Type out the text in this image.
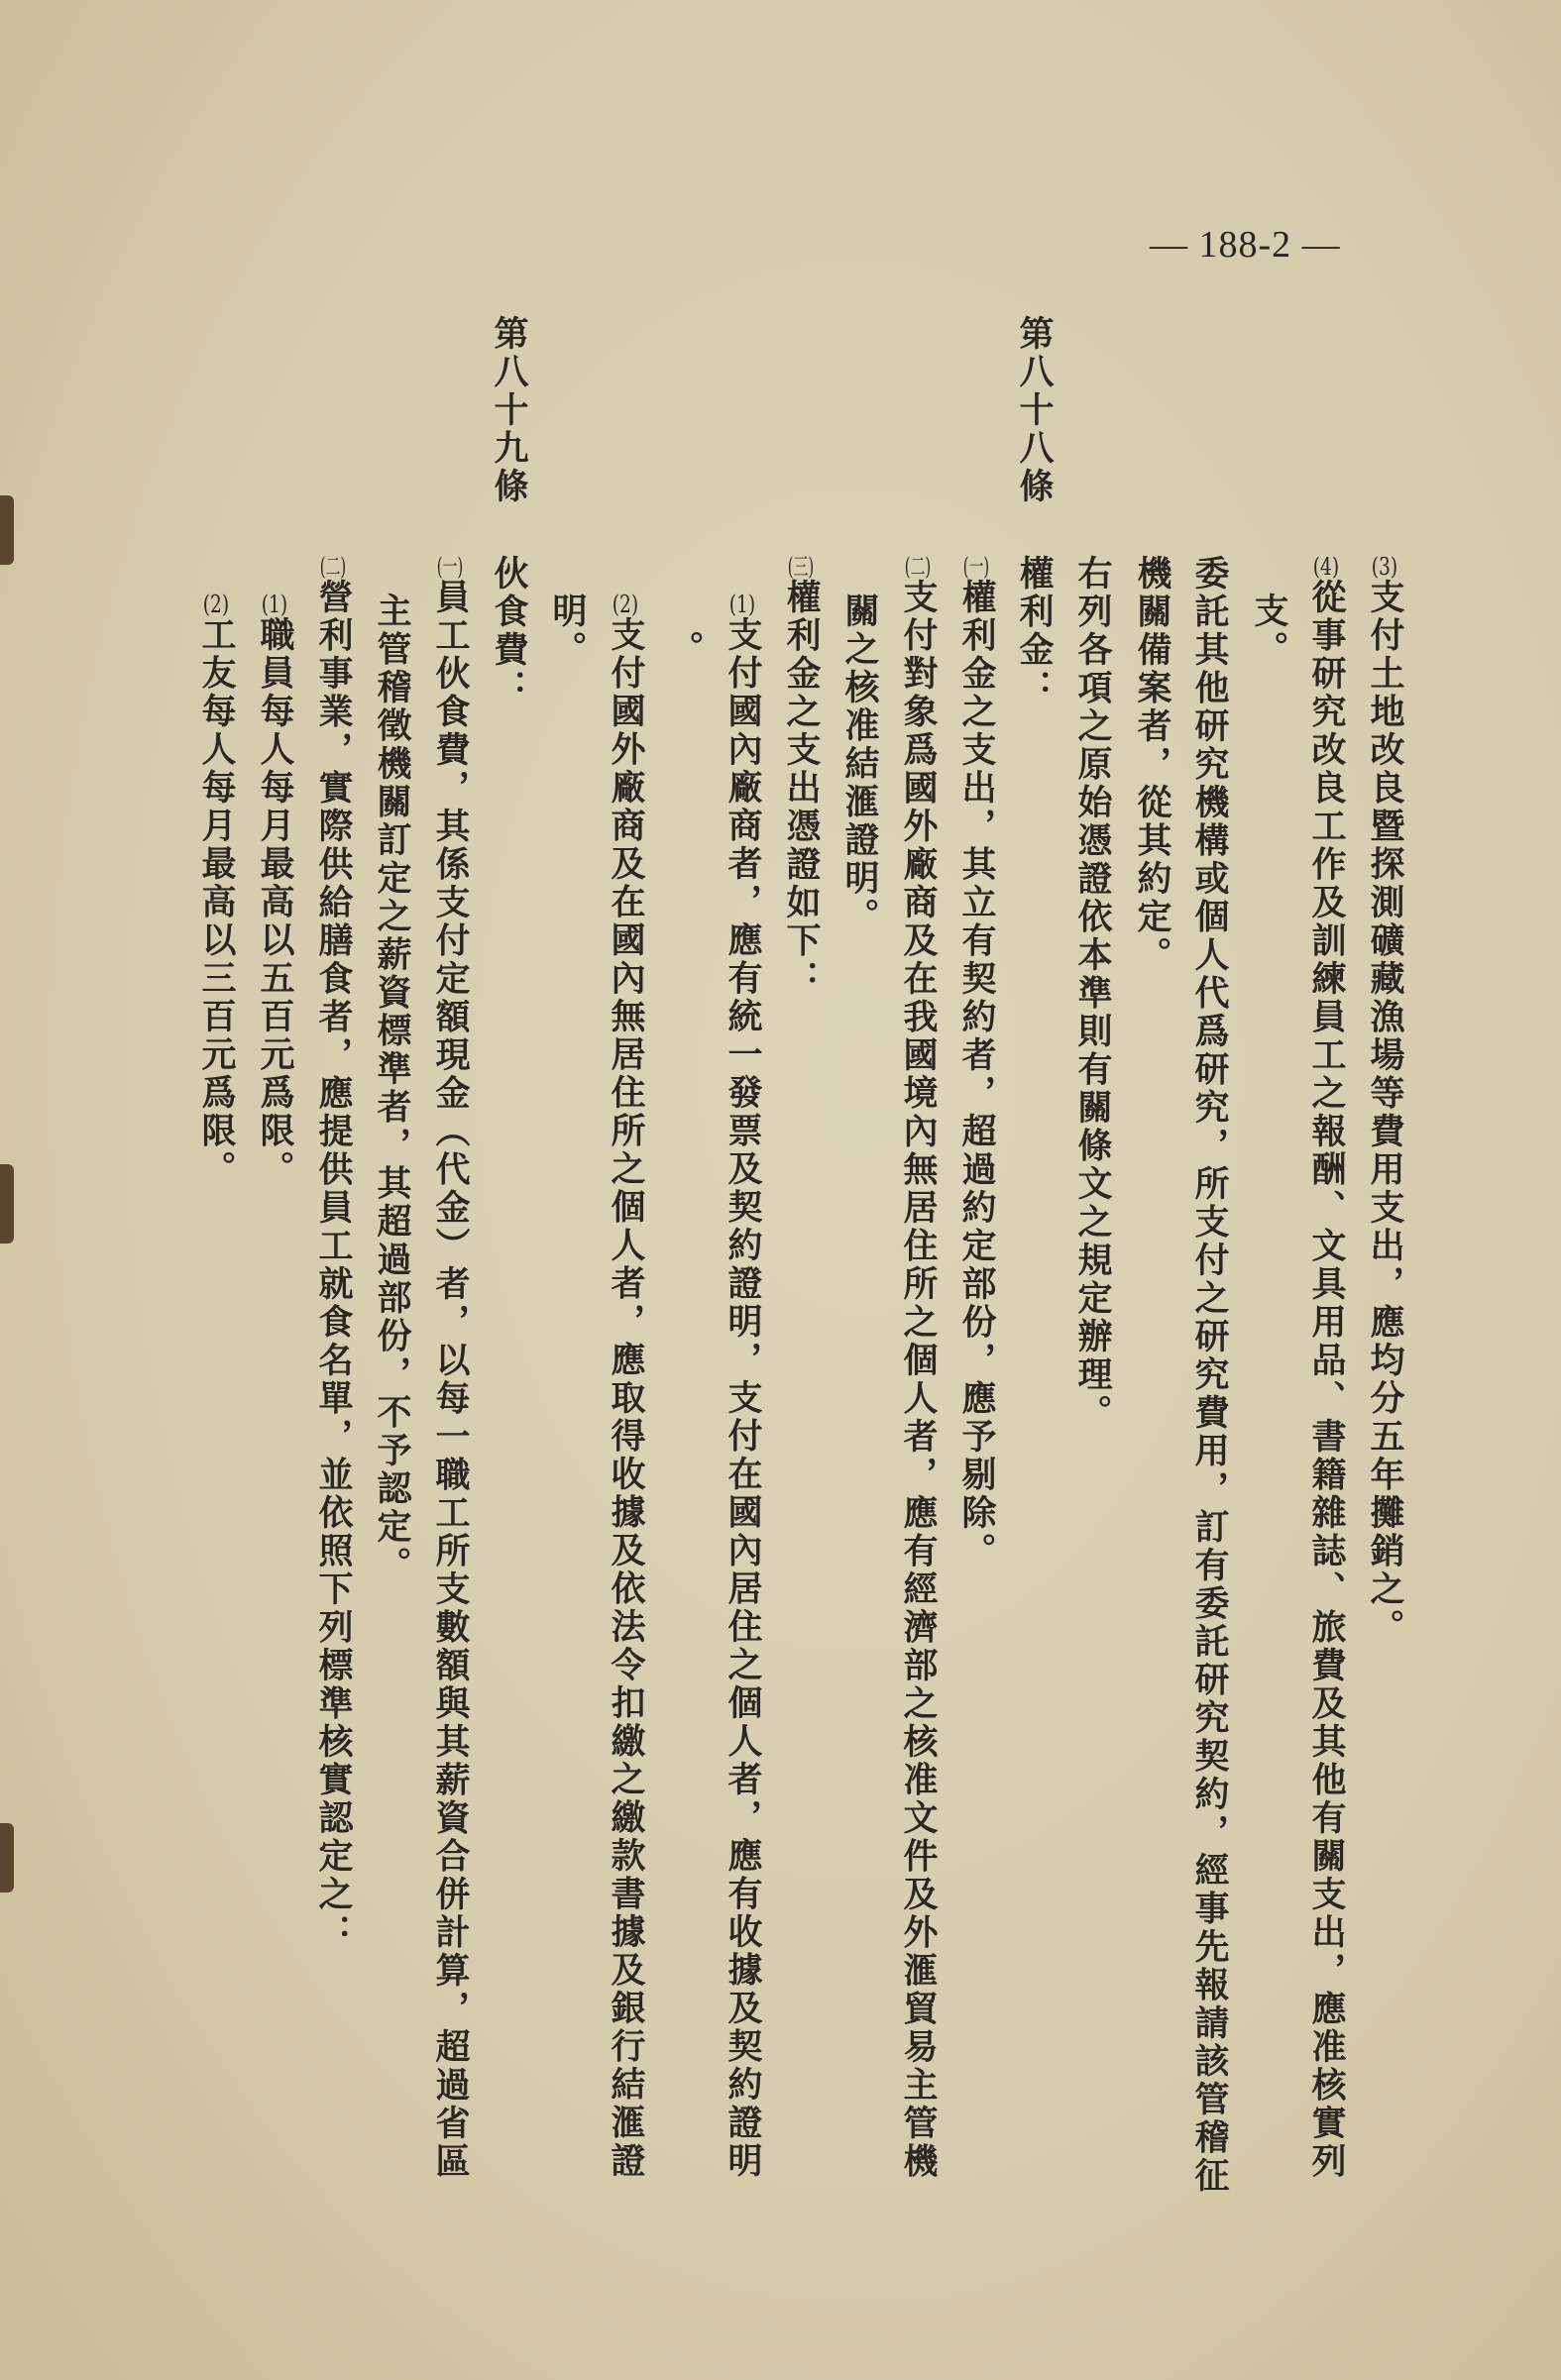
— 188-2 —
第八十八條
第八十九條
(3)支付土地改良暨探測礦藏漁場等費用支出，應均分五年攤銷之。
(4)從事研究改良工作及訓練員工之報酬、文具用品、書籍雜誌、旅費及其他有關支出，應准核實列
支。
委託其他研究機構或個人代爲研究，所支付之研究費用，訂有委託研究契約，經事先報請該管稽征
機關備案者，從其約定。
右列各項之原始憑證依本準則有關條文之規定辦理。
權利金：
(一)權利金之支出，其立有契約者，超過約定部份，應予剔除。
(二)支付對象爲國外廠商及在我國境內無居住所之個人者，應有經濟部之核准文件及外滙貿易主管機
關之核准結滙證明。
(三)權利金之支出憑證如下：
(1)支付國內廠商者，應有統一發票及契約證明，支付在國內居住之個人者，應有收據及契約證明
。
(2)支付國外廠商及在國內無居住所之個人者，應取得收據及依法令扣繳之繳款書據及銀行結滙證
明。
伙食費：
(一)員工伙食費，其係支付定額現金（代金）者，以每一職工所支數額與其薪資合併計算，超過省區
主管稽徵機關訂定之薪資標準者，其超過部份，不予認定。
(二)營利事業，實際供給膳食者，應提供員工就食名單，並依照下列標準核實認定之：
(1)職員每人每月最高以五百元爲限。
(2)工友每人每月最高以三百元爲限。
